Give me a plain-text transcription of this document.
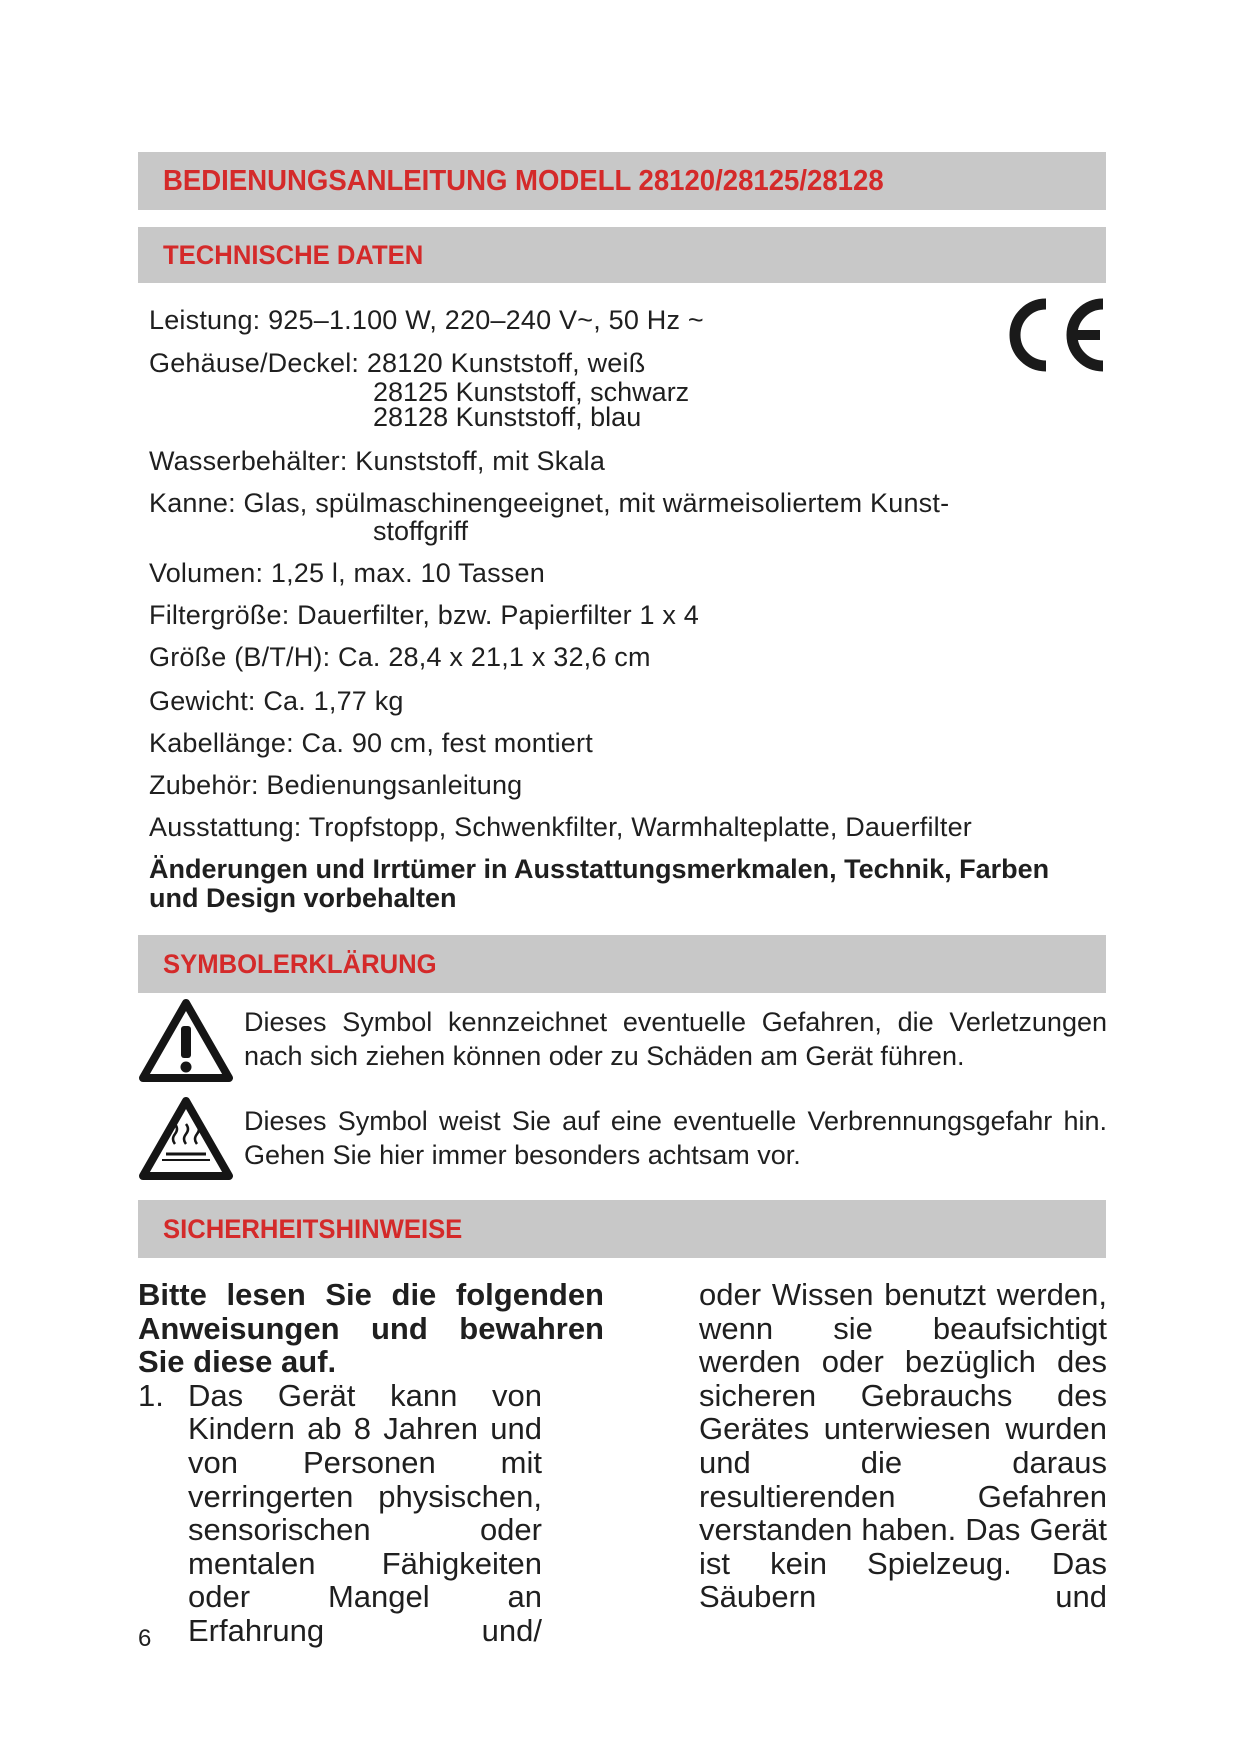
BEDIENUNGSANLEITUNG MODELL 28120/28125/28128
TECHNISCHE DATEN
Leistung: 925–1.100 W, 220–240 V~, 50 Hz ~
Gehäuse/Deckel: 28120 Kunststoff, weiß
28125 Kunststoff, schwarz
28128 Kunststoff, blau
Wasserbehälter: Kunststoff, mit Skala
Kanne: Glas, spülmaschinengeeignet, mit wärmeisoliertem Kunst-
stoffgriff
Volumen: 1,25 l, max. 10 Tassen
Filtergröße: Dauerfilter, bzw. Papierfilter 1 x 4
Größe (B/T/H): Ca. 28,4 x 21,1 x 32,6 cm
Gewicht: Ca. 1,77 kg
Kabellänge: Ca. 90 cm, fest montiert
Zubehör: Bedienungsanleitung
Ausstattung: Tropfstopp, Schwenkfilter, Warmhalteplatte, Dauerfilter
Änderungen und Irrtümer in Ausstattungsmerkmalen, Technik, Farben und Design vorbehalten
SYMBOLERKLÄRUNG
Dieses Symbol kennzeichnet eventuelle Gefahren, die Verletzungen nach sich ziehen können oder zu Schäden am Gerät führen.
Dieses Symbol weist Sie auf eine eventuelle Verbrennungsgefahr hin. Gehen Sie hier immer besonders achtsam vor.
SICHERHEITSHINWEISE
Bitte lesen Sie die folgenden Anweisungen und bewahren Sie diese auf.
1. Das Gerät kann von Kindern ab 8 Jahren und von Personen mit verringerten physischen, sensorischen oder mentalen Fähigkeiten oder Mangel an Erfahrung und/
oder Wissen benutzt werden, wenn sie beaufsichtigt werden oder bezüglich des sicheren Gebrauchs des Gerätes unterwiesen wurden und die daraus resultierenden Gefahren verstanden haben. Das Gerät ist kein Spielzeug. Das Säubern und
6
